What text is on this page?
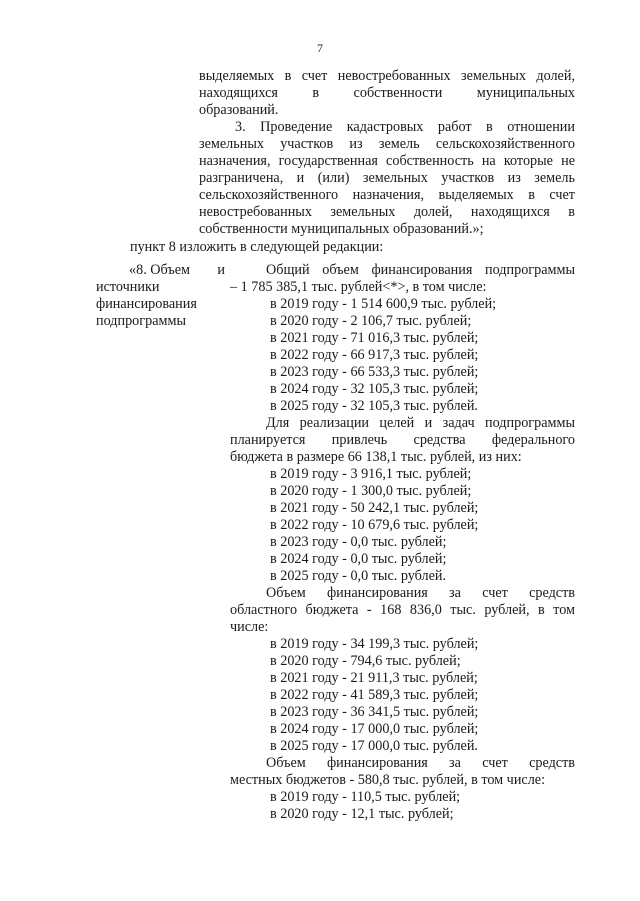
7
выделяемых в счет невостребованных земельных долей,
находящихся в собственности муниципальных
образований.
3. Проведение кадастровых работ в отношении
земельных участков из земель сельскохозяйственного
назначения, государственная собственность на которые не
разграничена, и (или) земельных участков из земель
сельскохозяйственного назначения, выделяемых в счет
невостребованных земельных долей, находящихся в
собственности муниципальных образований.»;
пункт 8 изложить в следующей редакции:
«8. Объем и
источники
финансирования
подпрограммы
Общий объем финансирования подпрограммы
– 1 785 385,1 тыс. рублей<*>, в том числе:
в 2019 году - 1 514 600,9 тыс. рублей;
в 2020 году - 2 106,7 тыс. рублей;
в 2021 году - 71 016,3 тыс. рублей;
в 2022 году - 66 917,3 тыс. рублей;
в 2023 году - 66 533,3 тыс. рублей;
в 2024 году - 32 105,3 тыс. рублей;
в 2025 году - 32 105,3 тыс. рублей.
Для реализации целей и задач подпрограммы
планируется привлечь средства федерального
бюджета в размере 66 138,1 тыс. рублей, из них:
в 2019 году - 3 916,1 тыс. рублей;
в 2020 году - 1 300,0 тыс. рублей;
в 2021 году - 50 242,1 тыс. рублей;
в 2022 году - 10 679,6 тыс. рублей;
в 2023 году - 0,0 тыс. рублей;
в 2024 году - 0,0 тыс. рублей;
в 2025 году - 0,0 тыс. рублей.
Объем финансирования за счет средств
областного бюджета - 168 836,0 тыс. рублей, в том
числе:
в 2019 году - 34 199,3 тыс. рублей;
в 2020 году - 794,6 тыс. рублей;
в 2021 году - 21 911,3 тыс. рублей;
в 2022 году - 41 589,3 тыс. рублей;
в 2023 году - 36 341,5 тыс. рублей;
в 2024 году - 17 000,0 тыс. рублей;
в 2025 году - 17 000,0 тыс. рублей.
Объем финансирования за счет средств
местных бюджетов - 580,8 тыс. рублей, в том числе:
в 2019 году - 110,5 тыс. рублей;
в 2020 году - 12,1 тыс. рублей;
